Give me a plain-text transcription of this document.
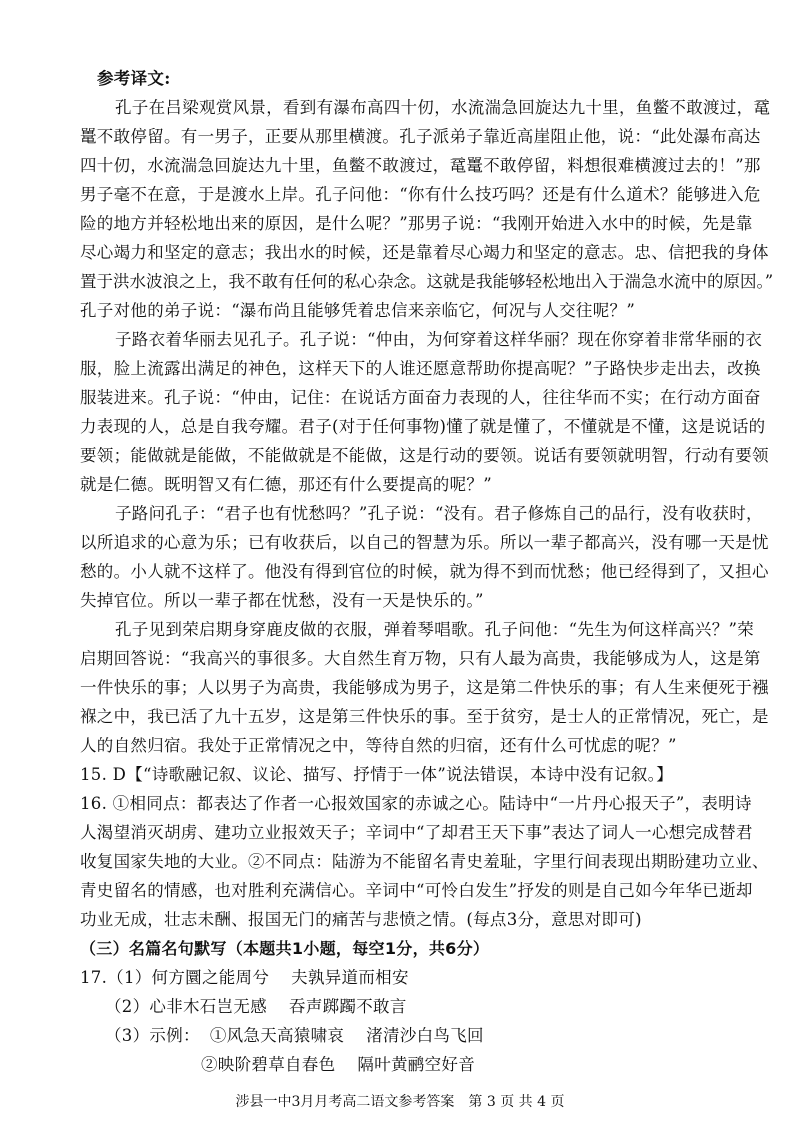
参考译文:
孔子在吕梁观赏风景，看到有瀑布高四十仞，水流湍急回旋达九十里，鱼鳖不敢渡过，鼋
鼍不敢停留。有一男子，正要从那里横渡。孔子派弟子靠近高崖阻止他，说：“此处瀑布高达
四十仞，水流湍急回旋达九十里，鱼鳖不敢渡过，鼋鼍不敢停留，料想很难横渡过去的！”那
男子毫不在意，于是渡水上岸。孔子问他：“你有什么技巧吗？还是有什么道术？能够进入危
险的地方并轻松地出来的原因，是什么呢？”那男子说：“我刚开始进入水中的时候，先是靠
尽心竭力和坚定的意志；我出水的时候，还是靠着尽心竭力和坚定的意志。忠、信把我的身体
置于洪水波浪之上，我不敢有任何的私心杂念。这就是我能够轻松地出入于湍急水流中的原因。”
孔子对他的弟子说：“瀑布尚且能够凭着忠信来亲临它，何况与人交往呢？”
子路衣着华丽去见孔子。孔子说：“仲由，为何穿着这样华丽？现在你穿着非常华丽的衣
服，脸上流露出满足的神色，这样天下的人谁还愿意帮助你提高呢？”子路快步走出去，改换
服装进来。孔子说：“仲由，记住：在说话方面奋力表现的人，往往华而不实；在行动方面奋
力表现的人，总是自我夸耀。君子(对于任何事物)懂了就是懂了，不懂就是不懂，这是说话的
要领；能做就是能做，不能做就是不能做，这是行动的要领。说话有要领就明智，行动有要领
就是仁德。既明智又有仁德，那还有什么要提高的呢？”
子路问孔子：“君子也有忧愁吗？”孔子说：“没有。君子修炼自己的品行，没有收获时，
以所追求的心意为乐；已有收获后，以自己的智慧为乐。所以一辈子都高兴，没有哪一天是忧
愁的。小人就不这样了。他没有得到官位的时候，就为得不到而忧愁；他已经得到了，又担心
失掉官位。所以一辈子都在忧愁，没有一天是快乐的。”
孔子见到荣启期身穿鹿皮做的衣服，弹着琴唱歌。孔子问他：“先生为何这样高兴？”荣
启期回答说：“我高兴的事很多。大自然生育万物，只有人最为高贵，我能够成为人，这是第
一件快乐的事；人以男子为高贵，我能够成为男子，这是第二件快乐的事；有人生来便死于襁
褓之中，我已活了九十五岁，这是第三件快乐的事。至于贫穷，是士人的正常情况，死亡，是
人的自然归宿。我处于正常情况之中，等待自然的归宿，还有什么可忧虑的呢？”
15. D【“诗歌融记叙、议论、描写、抒情于一体”说法错误，本诗中没有记叙。】
16. ①相同点：都表达了作者一心报效国家的赤诚之心。陆诗中“一片丹心报天子”，表明诗
人渴望消灭胡虏、建功立业报效天子；辛词中“了却君王天下事”表达了词人一心想完成替君
收复国家失地的大业。②不同点：陆游为不能留名青史羞耻，字里行间表现出期盼建功立业、
青史留名的情感，也对胜利充满信心。辛词中“可怜白发生”抒发的则是自己如今年华已逝却
功业无成，壮志未酬、报国无门的痛苦与悲愤之情。(每点3分，意思对即可)
（三）名篇名句默写（本题共1小题，每空1分，共6分）
17.（1）何方圜之能周兮 夫孰异道而相安
（2）心非木石岂无感 吞声踯躅不敢言
（3）示例： ①风急天高猿啸哀 渚清沙白鸟飞回
②映阶碧草自春色 隔叶黄鹂空好音
涉县一中3月月考高二语文参考答案　第 3 页 共 4 页
